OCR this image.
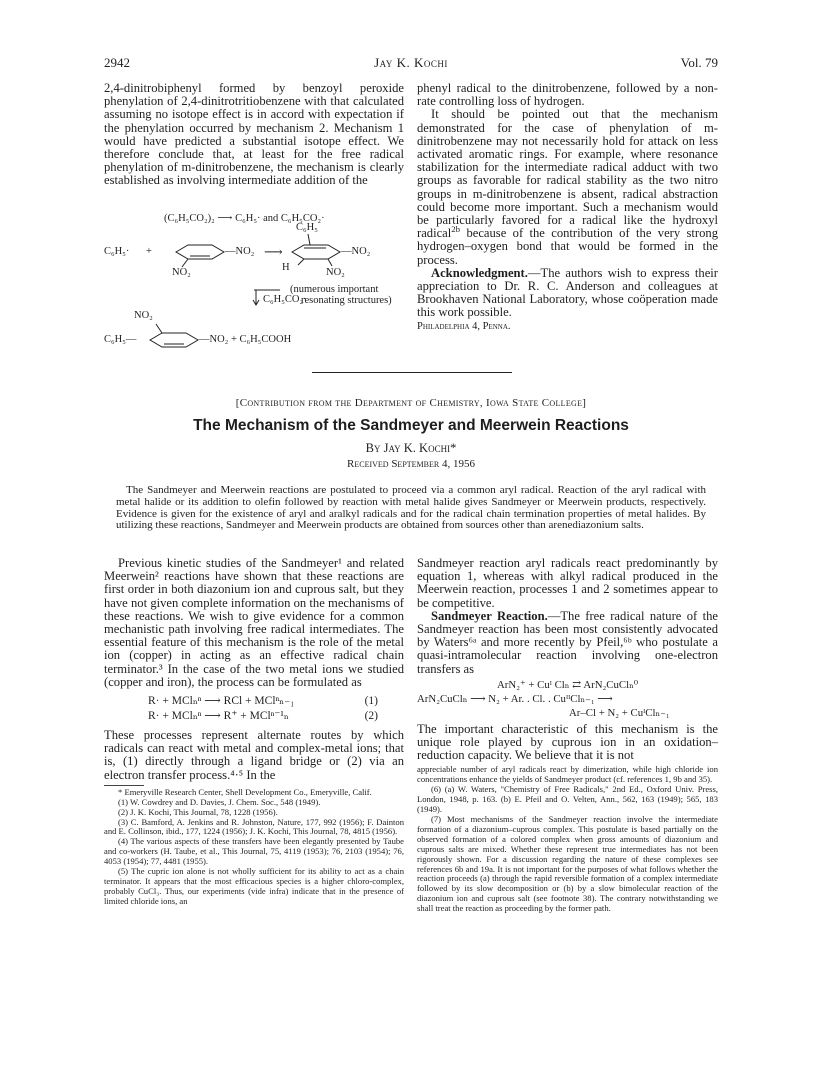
2942	Jay K. Kochi	Vol. 79

2,4-dinitrobiphenyl formed by benzoyl peroxide phenylation of 2,4-dinitrotritiobenzene with that calculated assuming no isotope effect is in accord with expectation if the phenylation occurred by mechanism 2. Mechanism 1 would have predicted a substantial isotope effect. We therefore conclude that, at least for the free radical phenylation of m-dinitrobenzene, the mechanism is clearly established as involving intermediate addition of the

(C₆H₅CO₂)₂ ⟶ C₆H₅· and C₆H₅CO₂·
C₆H₅· +	—NO₂
NO₂
⟶
C₆H₅
H
—NO₂
NO₂
C₆H₅CO₂·
(numerous important
resonating structures)
NO₂
C₆H₅—	—NO₂ + C₆H₅COOH

phenyl radical to the dinitrobenzene, followed by a non-rate controlling loss of hydrogen.

It should be pointed out that the mechanism demonstrated for the case of phenylation of m-dinitrobenzene may not necessarily hold for attack on less activated aromatic rings. For example, where resonance stabilization for the intermediate radical adduct with two groups as favorable for radical stability as the two nitro groups in m-dinitrobenzene is absent, radical abstraction could become more important. Such a mechanism would be particularly favored for a radical like the hydroxyl radical$^{2b}$ because of the contribution of the very strong hydrogen–oxygen bond that would be formed in the process.

Acknowledgment.—The authors wish to express their appreciation to Dr. R. C. Anderson and colleagues at Brookhaven National Laboratory, whose coöperation made this work possible.

Philadelphia 4, Penna.

[Contribution from the Department of Chemistry, Iowa State College]
The Mechanism of the Sandmeyer and Meerwein Reactions
By Jay K. Kochi*
Received September 4, 1956

The Sandmeyer and Meerwein reactions are postulated to proceed via a common aryl radical. Reaction of the aryl radical with metal halide or its addition to olefin followed by reaction with metal halide gives Sandmeyer or Meerwein products, respectively. Evidence is given for the existence of aryl and aralkyl radicals and for the radical chain termination properties of metal halides. By utilizing these reactions, Sandmeyer and Meerwein products are obtained from sources other than arenediazonium salts.

Previous kinetic studies of the Sandmeyer¹ and related Meerwein² reactions have shown that these reactions are first order in both diazonium ion and cuprous salt, but they have not given complete information on the mechanisms of these reactions. We wish to give evidence for a common mechanistic path involving free radical intermediates. The essential feature of this mechanism is the role of the metal ion (copper) in acting as an effective radical chain terminator.³ In the case of the two metal ions we studied (copper and iron), the process can be formulated as

R· + MClₙⁿ ⟶ RCl + MClⁿₙ₋₁	(1)
R· + MClₙⁿ ⟶ R⁺ + MClⁿ⁻¹ₙ	(2)

These processes represent alternate routes by which radicals can react with metal and complex-metal ions; that is, (1) directly through a ligand bridge or (2) via an electron transfer process.⁴·⁵ In the

* Emeryville Research Center, Shell Development Co., Emeryville, Calif.

(1) W. Cowdrey and D. Davies, J. Chem. Soc., 548 (1949).

(2) J. K. Kochi, This Journal, 78, 1228 (1956).

(3) C. Bamford, A. Jenkins and R. Johnston, Nature, 177, 992 (1956); F. Dainton and E. Collinson, ibid., 177, 1224 (1956); J. K. Kochi, This Journal, 78, 4815 (1956).

(4) The various aspects of these transfers have been elegantly presented by Taube and co-workers (H. Taube, et al., This Journal, 75, 4119 (1953); 76, 2103 (1954); 76, 4053 (1954); 77, 4481 (1955).

(5) The cupric ion alone is not wholly sufficient for its ability to act as a chain terminator. It appears that the most efficacious species is a higher chloro-complex, probably CuCl₃. Thus, our experiments (vide infra) indicate that in the presence of limited chloride ions, an

Sandmeyer reaction aryl radicals react predominantly by equation 1, whereas with alkyl radical produced in the Meerwein reaction, processes 1 and 2 sometimes appear to be competitive.

Sandmeyer Reaction.—The free radical nature of the Sandmeyer reaction has been most consistently advocated by Waters⁶ᵃ and more recently by Pfeil,⁶ᵇ who postulate a quasi-intramolecular reaction involving one-electron transfers as

ArN₂⁺ + Cuᴵ Clₙ ⇄ ArN₂CuClₙ⁰
ArN₂CuClₙ ⟶ N₂ + Ar. . Cl. . CuᴵᴵClₙ₋₁ ⟶
Ar–Cl + N₂ + CuᴵClₙ₋₁

The important characteristic of this mechanism is the unique role played by cuprous ion in an oxidation–reduction capacity. We believe that it is not

appreciable number of aryl radicals react by dimerization, while high chloride ion concentrations enhance the yields of Sandmeyer product (cf. references 1, 9b and 35).

(6) (a) W. Waters, "Chemistry of Free Radicals," 2nd Ed., Oxford Univ. Press, London, 1948, p. 163. (b) E. Pfeil and O. Velten, Ann., 562, 163 (1949); 565, 183 (1949).

(7) Most mechanisms of the Sandmeyer reaction involve the intermediate formation of a diazonium–cuprous complex. This postulate is based partially on the observed formation of a colored complex when gross amounts of diazonium and cuprous salts are mixed. Whether these represent true intermediates has not been rigorously shown. For a discussion regarding the nature of these complexes see references 6b and 19a. It is not important for the purposes of what follows whether the reaction proceeds (a) through the rapid reversible formation of a complex intermediate followed by its slow decomposition or (b) by a slow bimolecular reaction of the diazonium ion and cuprous salt (see footnote 38). The contrary notwithstanding we shall treat the reaction as proceeding by the former path.
